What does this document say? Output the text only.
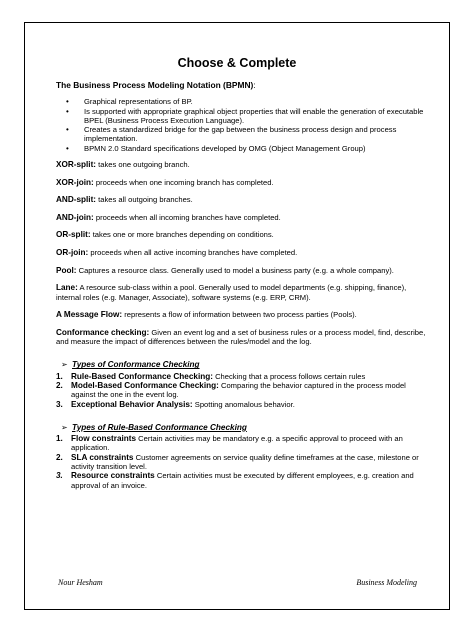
Choose & Complete
The Business Process Modeling Notation (BPMN):
• Graphical representations of BP.
• Is supported with appropriate graphical object properties that will enable the generation of executable BPEL (Business Process Execution Language).
• Creates a standardized bridge for the gap between the business process design and process implementation.
• BPMN 2.0 Standard specifications developed by OMG (Object Management Group)

XOR-split: takes one outgoing branch.

XOR-join: proceeds when one incoming branch has completed.

AND-split: takes all outgoing branches.

AND-join: proceeds when all incoming branches have completed.

OR-split: takes one or more branches depending on conditions.

OR-join: proceeds when all active incoming branches have completed.

Pool: Captures a resource class. Generally used to model a business party (e.g. a whole company).

Lane: A resource sub-class within a pool. Generally used to model departments (e.g. shipping, finance), internal roles (e.g. Manager, Associate), software systems (e.g. ERP, CRM).

A Message Flow: represents a flow of information between two process parties (Pools).

Conformance checking: Given an event log and a set of business rules or a process model, find, describe, and measure the impact of differences between the rules/model and the log.

➢ Types of Conformance Checking
1. Rule-Based Conformance Checking: Checking that a process follows certain rules
2. Model-Based Conformance Checking: Comparing the behavior captured in the process model against the one in the event log.
3. Exceptional Behavior Analysis: Spotting anomalous behavior.
➢ Types of Rule-Based Conformance Checking
1. Flow constraints Certain activities may be mandatory e.g. a specific approval to proceed with an application.
2. SLA constraints Customer agreements on service quality define timeframes at the case, milestone or activity transition level.
3. Resource constraints Certain activities must be executed by different employees, e.g. creation and approval of an invoice.
Nour Hesham	Business Modeling
